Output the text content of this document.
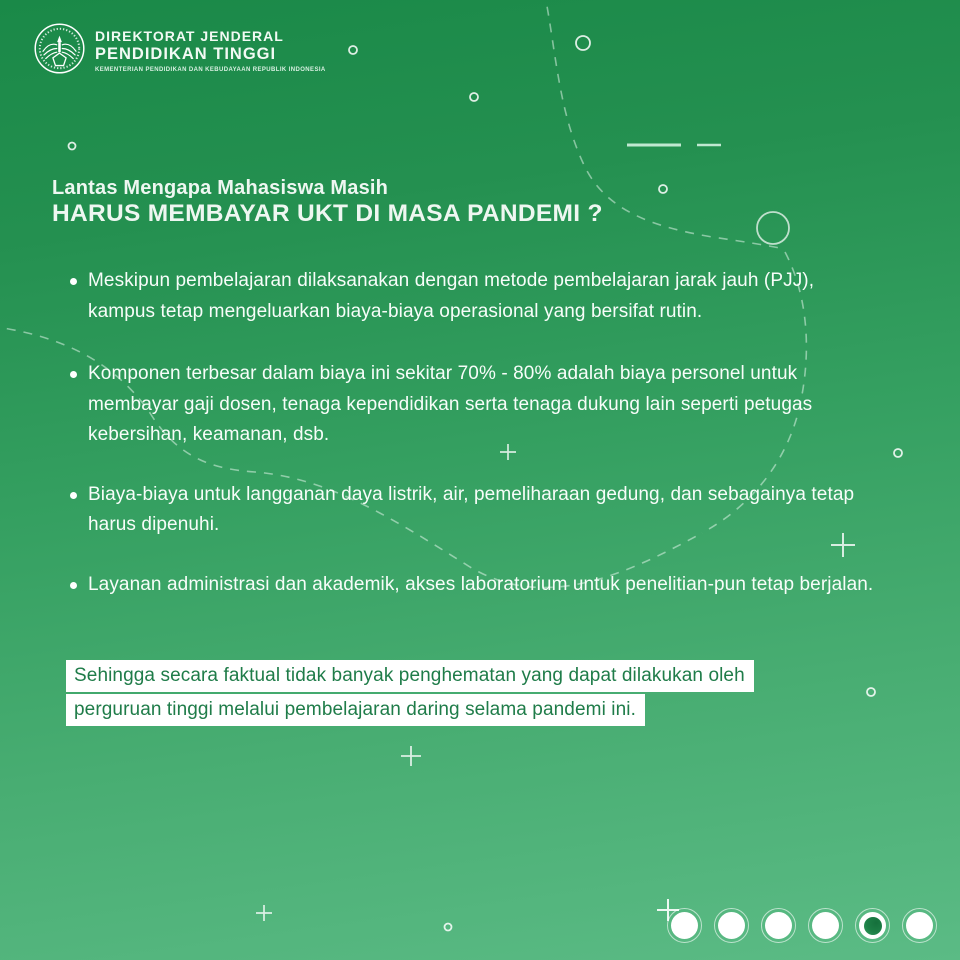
DIREKTORAT JENDERAL
PENDIDIKAN TINGGI
KEMENTERIAN PENDIDIKAN DAN KEBUDAYAAN REPUBLIK INDONESIA
Lantas Mengapa Mahasiswa Masih
HARUS MEMBAYAR UKT DI MASA PANDEMI ?
Meskipun pembelajaran dilaksanakan dengan metode pembelajaran jarak jauh (PJJ), kampus tetap mengeluarkan biaya-biaya operasional yang bersifat rutin.
Komponen terbesar dalam biaya ini sekitar 70% - 80% adalah biaya personel untuk membayar gaji dosen, tenaga kependidikan serta tenaga dukung lain seperti petugas kebersihan, keamanan, dsb.
Biaya-biaya untuk langganan daya listrik, air, pemeliharaan gedung, dan sebagainya tetap harus dipenuhi.
Layanan administrasi dan akademik, akses laboratorium untuk penelitian-pun tetap berjalan.
Sehingga secara faktual tidak banyak penghematan yang dapat dilakukan oleh
perguruan tinggi melalui pembelajaran daring selama pandemi ini.
